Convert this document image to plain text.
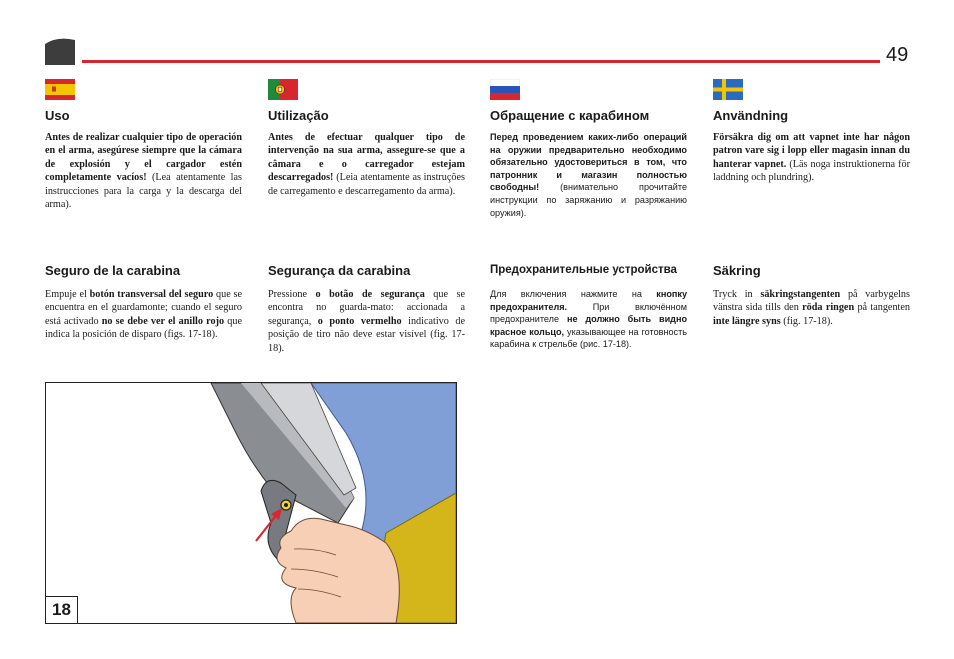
49
Uso
Antes de realizar cualquier tipo de operación en el arma, asegúrese siempre que la cámara de explosión y el cargador estén completamente vacíos! (Lea atentamente las instrucciones para la carga y la descarga del arma).
Seguro de la carabina
Empuje el botón transversal del seguro que se encuentra en el guardamonte; cuando el seguro está activado no se debe ver el anillo rojo que indica la posición de disparo (figs. 17-18).
Utilização
Antes de efectuar qualquer tipo de intervenção na sua arma, assegure-se que a câmara e o carregador estejam descarregados! (Leia atentamente as instruções de carregamento e descarregamento da arma).
Segurança da carabina
Pressione o botão de segurança que se encontra no guarda-mato: accionada a segurança, o ponto vermelho indicativo de posição de tiro não deve estar visível (fig. 17-18).
Обращение с карабином
Перед проведением каких-либо операций на оружии предварительно необходимо обязательно удостовериться в том, что патронник и магазин полностью свободны! (внимательно прочитайте инструкции по заряжанию и разряжанию оружия).
Предохранительные устройства
Для включения нажмите на кнопку предохранителя. При включённом предохранителе не должно быть видно красное кольцо, указывающее на готовность карабина к стрельбе (рис. 17-18).
Användning
Försäkra dig om att vapnet inte har någon patron vare sig i lopp eller magasin innan du hanterar vapnet. (Läs noga instruktionerna för laddning och plundring).
Säkring
Tryck in säkringstangenten på varbygelns vänstra sida tills den röda ringen på tangenten inte längre syns (fig. 17-18).
18
